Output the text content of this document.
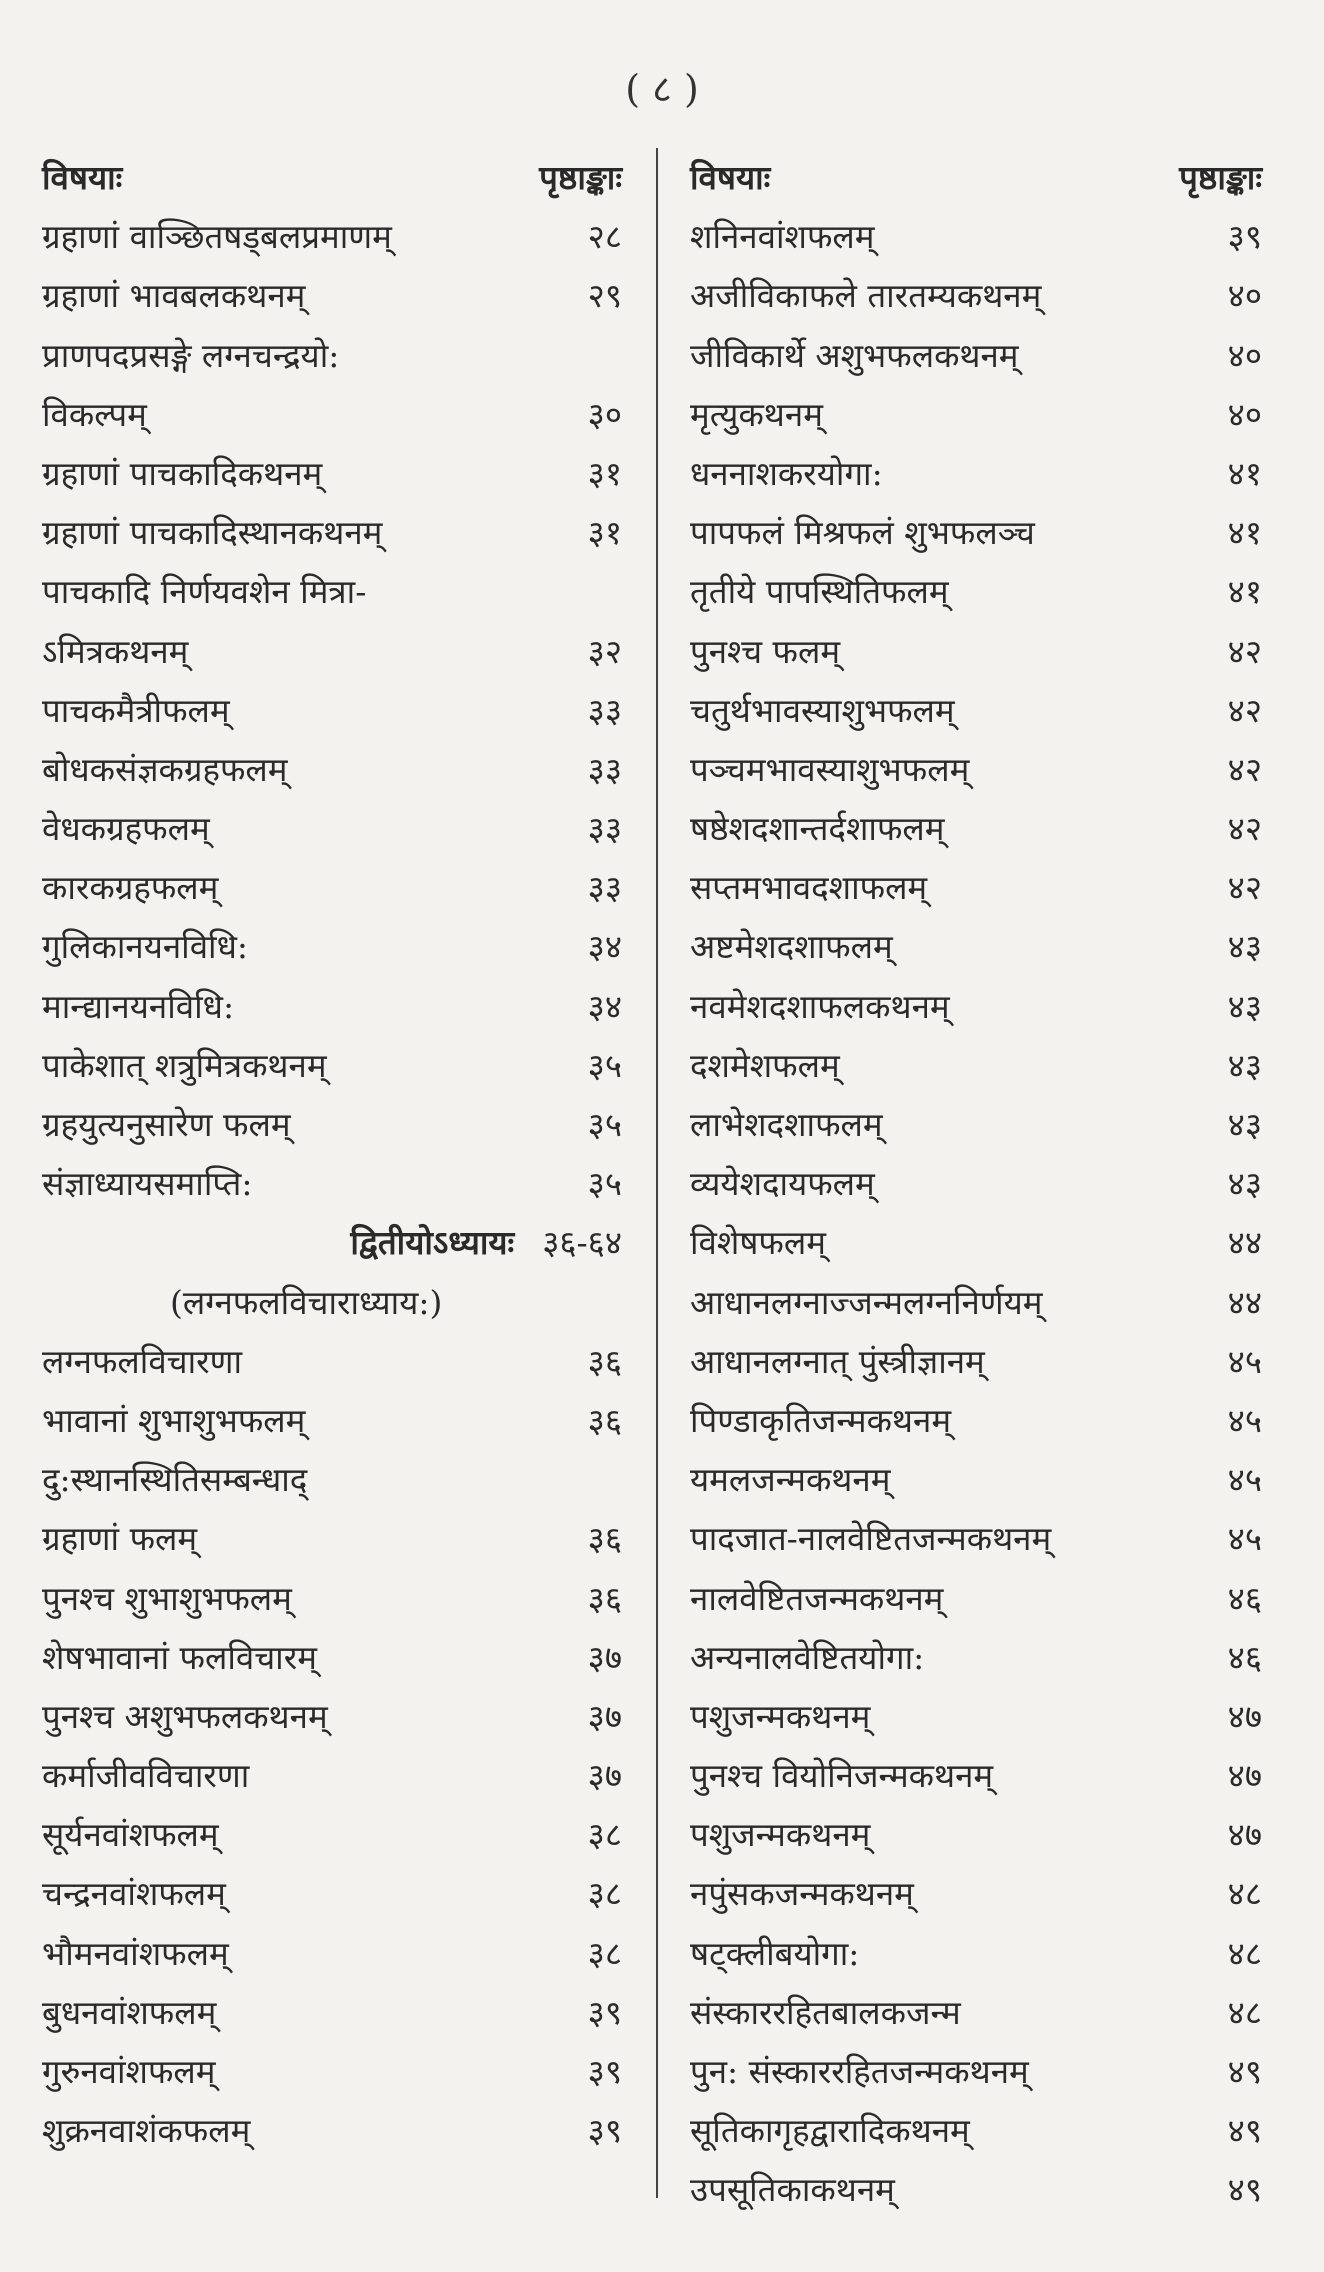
( ८ )
विषयाः	पृष्ठाङ्काः
ग्रहाणां वाञ्छितषड्बलप्रमाणम्	२८
ग्रहाणां भावबलकथनम्	२९
प्राणपदप्रसङ्गे लग्नचन्द्रयो:
विकल्पम्	३०
ग्रहाणां पाचकादिकथनम्	३१
ग्रहाणां पाचकादिस्थानकथनम्	३१
पाचकादि निर्णयवशेन मित्रा-
ऽमित्रकथनम्	३२
पाचकमैत्रीफलम्	३३
बोधकसंज्ञकग्रहफलम्	३३
वेधकग्रहफलम्	३३
कारकग्रहफलम्	३३
गुलिकानयनविधि:	३४
मान्द्यानयनविधि:	३४
पाकेशात् शत्रुमित्रकथनम्	३५
ग्रहयुत्यनुसारेण फलम्	३५
संज्ञाध्यायसमाप्ति:	३५
द्वितीयोऽध्यायः ३६-६४
(लग्नफलविचाराध्याय:)
लग्नफलविचारणा	३६
भावानां शुभाशुभफलम्	३६
दु:स्थानस्थितिसम्बन्धाद्
ग्रहाणां फलम्	३६
पुनश्च शुभाशुभफलम्	३६
शेषभावानां फलविचारम्	३७
पुनश्च अशुभफलकथनम्	३७
कर्माजीवविचारणा	३७
सूर्यनवांशफलम्	३८
चन्द्रनवांशफलम्	३८
भौमनवांशफलम्	३८
बुधनवांशफलम्	३९
गुरुनवांशफलम्	३९
शुक्रनवाशंकफलम्	३९
विषयाः	पृष्ठाङ्काः
शनिनवांशफलम्	३९
अजीविकाफले तारतम्यकथनम्	४०
जीविकार्थे अशुभफलकथनम्	४०
मृत्युकथनम्	४०
धननाशकरयोगा:	४१
पापफलं मिश्रफलं शुभफलञ्च	४१
तृतीये पापस्थितिफलम्	४१
पुनश्च फलम्	४२
चतुर्थभावस्याशुभफलम्	४२
पञ्चमभावस्याशुभफलम्	४२
षष्ठेशदशान्तर्दशाफलम्	४२
सप्तमभावदशाफलम्	४२
अष्टमेशदशाफलम्	४३
नवमेशदशाफलकथनम्	४३
दशमेशफलम्	४३
लाभेशदशाफलम्	४३
व्ययेशदायफलम्	४३
विशेषफलम्	४४
आधानलग्नाज्जन्मलग्ननिर्णयम्	४४
आधानलग्नात् पुंस्त्रीज्ञानम्	४५
पिण्डाकृतिजन्मकथनम्	४५
यमलजन्मकथनम्	४५
पादजात-नालवेष्टितजन्मकथनम्	४५
नालवेष्टितजन्मकथनम्	४६
अन्यनालवेष्टितयोगा:	४६
पशुजन्मकथनम्	४७
पुनश्च वियोनिजन्मकथनम्	४७
पशुजन्मकथनम्	४७
नपुंसकजन्मकथनम्	४८
षट्क्लीबयोगा:	४८
संस्काररहितबालकजन्म	४८
पुन: संस्काररहितजन्मकथनम्	४९
सूतिकागृहद्वारादिकथनम्	४९
उपसूतिकाकथनम्	४९
